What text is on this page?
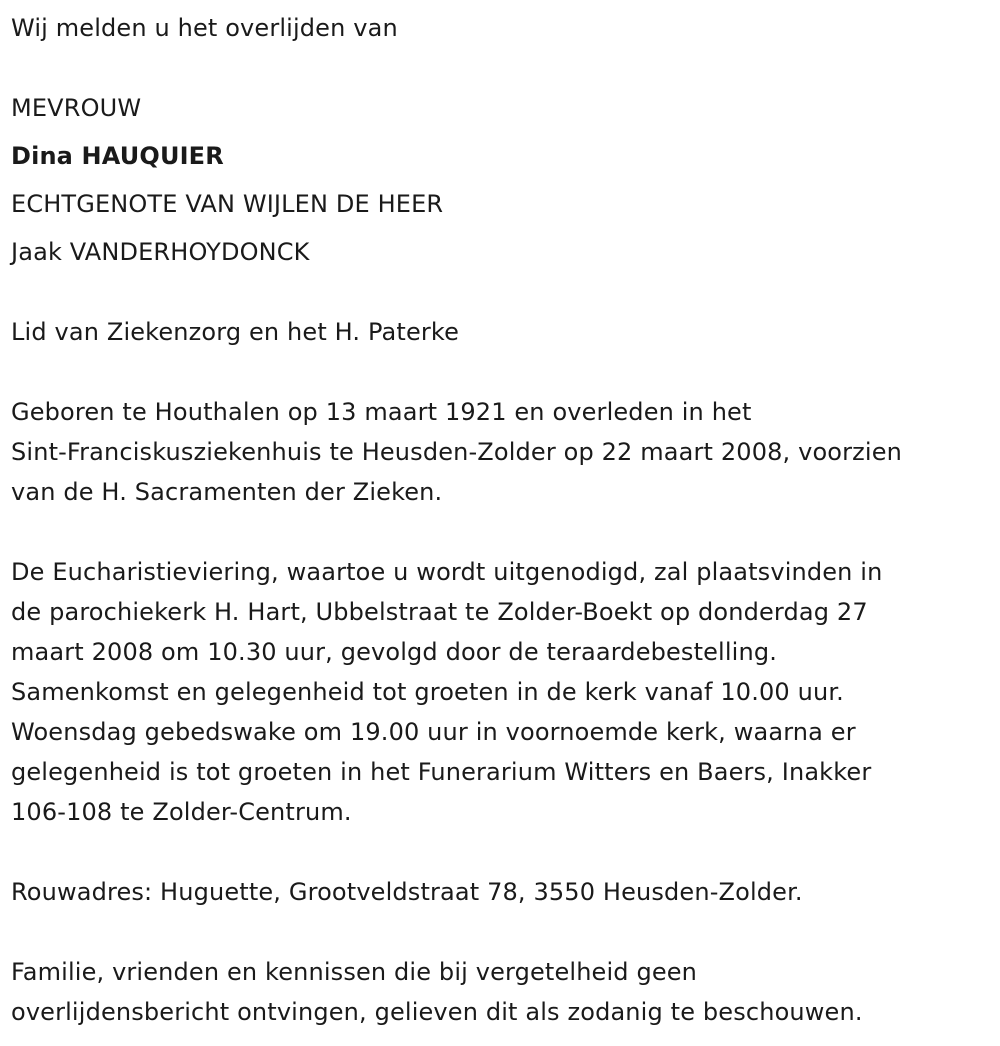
Wij melden u het overlijden van
MEVROUW
Dina HAUQUIER
ECHTGENOTE VAN WIJLEN DE HEER
Jaak VANDERHOYDONCK
Lid van Ziekenzorg en het H. Paterke
Geboren te Houthalen op 13 maart 1921 en overleden in het
Sint-Franciskusziekenhuis te Heusden-Zolder op 22 maart 2008, voorzien
van de H. Sacramenten der Zieken.
De Eucharistieviering, waartoe u wordt uitgenodigd, zal plaatsvinden in
de parochiekerk H. Hart, Ubbelstraat te Zolder-Boekt op donderdag 27
maart 2008 om 10.30 uur, gevolgd door de teraardebestelling.
Samenkomst en gelegenheid tot groeten in de kerk vanaf 10.00 uur.
Woensdag gebedswake om 19.00 uur in voornoemde kerk, waarna er
gelegenheid is tot groeten in het Funerarium Witters en Baers, Inakker
106-108 te Zolder-Centrum.
Rouwadres: Huguette, Grootveldstraat 78, 3550 Heusden-Zolder.
Familie, vrienden en kennissen die bij vergetelheid geen
overlijdensbericht ontvingen, gelieven dit als zodanig te beschouwen.
